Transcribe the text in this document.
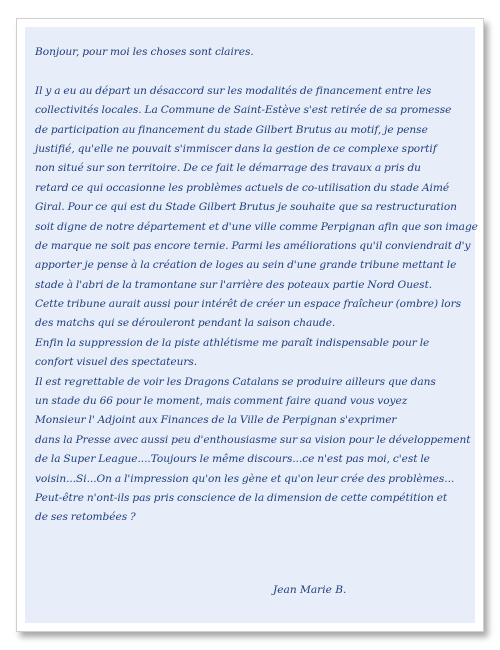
Bonjour, pour moi les choses sont claires.
Il y a eu au départ un désaccord sur les modalités de financement entre les
collectivités locales. La Commune de Saint-Estève s'est retirée de sa promesse
de participation au financement du stade Gilbert Brutus au motif, je pense
justifié, qu'elle ne pouvait s'immiscer dans la gestion de ce complexe sportif
non situé sur son territoire. De ce fait le démarrage des travaux a pris du
retard ce qui occasionne les problèmes actuels de co-utilisation du stade Aimé
Giral. Pour ce qui est du Stade Gilbert Brutus je souhaite que sa restructuration
soit digne de notre département et d'une ville comme Perpignan afin que son image
de marque ne soit pas encore ternie. Parmi les améliorations qu'il conviendrait d'y
apporter je pense à la création de loges au sein d'une grande tribune mettant le
stade à l'abri de la tramontane sur l'arrière des poteaux partie Nord Ouest.
Cette tribune aurait aussi pour intérêt de créer un espace fraîcheur (ombre) lors
des matchs qui se dérouleront pendant la saison chaude.
Enfin la suppression de la piste athlétisme me paraît indispensable pour le
confort visuel des spectateurs.
Il est regrettable de voir les Dragons Catalans se produire ailleurs que dans
un stade du 66 pour le moment, mais comment faire quand vous voyez
Monsieur l' Adjoint aux Finances de la Ville de Perpignan s'exprimer
dans la Presse avec aussi peu d'enthousiasme sur sa vision pour le développement
de la Super League....Toujours le même discours...ce n'est pas moi, c'est le
voisin...Si...On a l'impression qu'on les gène et qu'on leur crée des problèmes...
Peut-être n'ont-ils pas pris conscience de la dimension de cette compétition et
de ses retombées ?
Jean Marie B.
